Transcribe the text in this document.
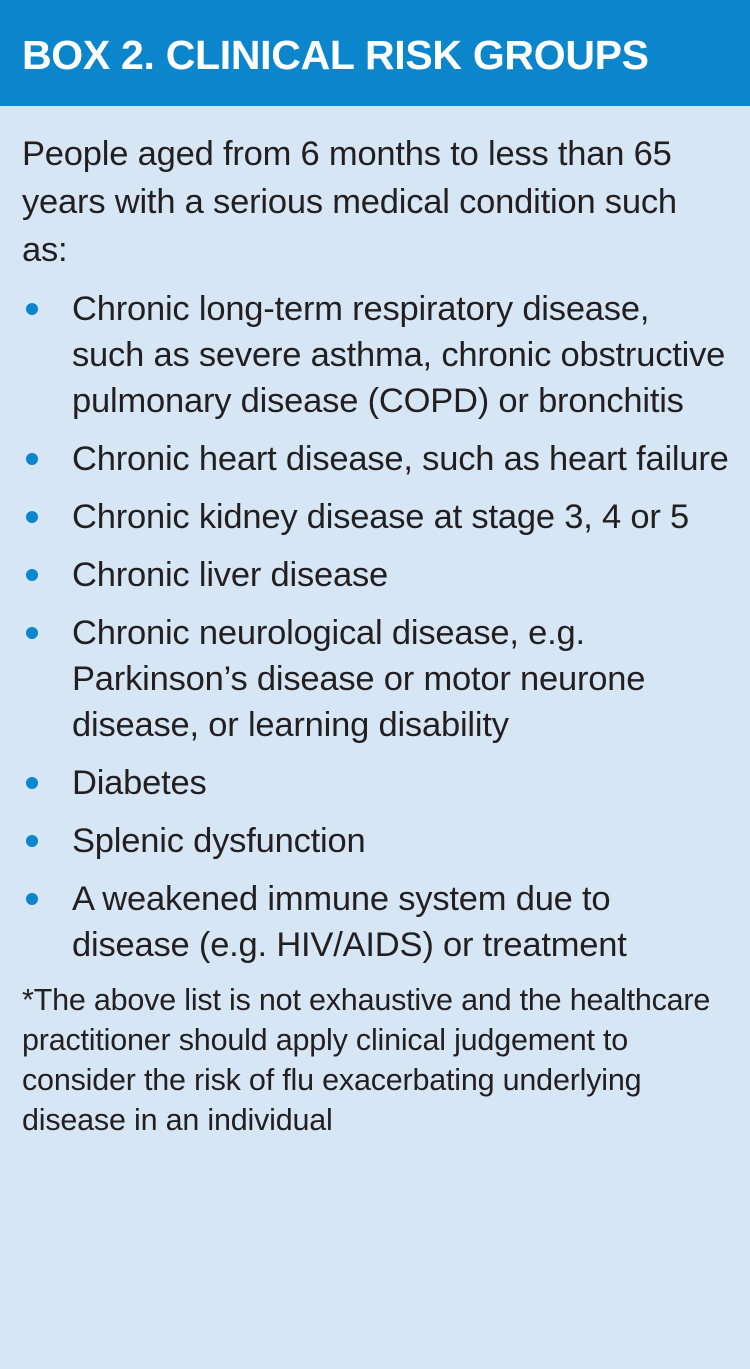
BOX 2. CLINICAL RISK GROUPS

People aged from 6 months to less than 65 years with a serious medical condition such as:

Chronic long-term respiratory disease, such as severe asthma, chronic obstructive pulmonary disease (COPD) or bronchitis
Chronic heart disease, such as heart failure
Chronic kidney disease at stage 3, 4 or 5
Chronic liver disease
Chronic neurological disease, e.g. Parkinson’s disease or motor neurone disease, or learning disability
Diabetes
Splenic dysfunction
A weakened immune system due to disease (e.g. HIV/AIDS) or treatment

*The above list is not exhaustive and the healthcare practitioner should apply clinical judgement to consider the risk of flu exacerbating underlying disease in an individual
